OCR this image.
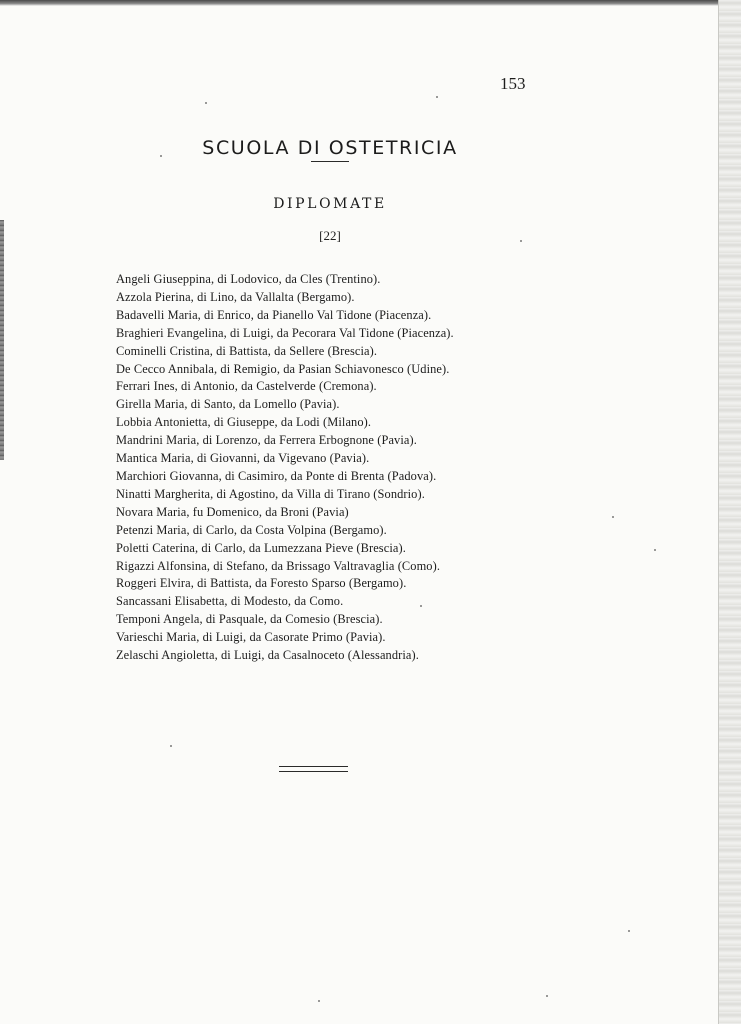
153
SCUOLA DI OSTETRICIA
DIPLOMATE
[22]
Angeli Giuseppina, di Lodovico, da Cles (Trentino).
Azzola Pierina, di Lino, da Vallalta (Bergamo).
Badavelli Maria, di Enrico, da Pianello Val Tidone (Piacenza).
Braghieri Evangelina, di Luigi, da Pecorara Val Tidone (Piacenza).
Cominelli Cristina, di Battista, da Sellere (Brescia).
De Cecco Annibala, di Remigio, da Pasian Schiavonesco (Udine).
Ferrari Ines, di Antonio, da Castelverde (Cremona).
Girella Maria, di Santo, da Lomello (Pavia).
Lobbia Antonietta, di Giuseppe, da Lodi (Milano).
Mandrini Maria, di Lorenzo, da Ferrera Erbognone (Pavia).
Mantica Maria, di Giovanni, da Vigevano (Pavia).
Marchiori Giovanna, di Casimiro, da Ponte di Brenta (Padova).
Ninatti Margherita, di Agostino, da Villa di Tirano (Sondrio).
Novara Maria, fu Domenico, da Broni (Pavia)
Petenzi Maria, di Carlo, da Costa Volpina (Bergamo).
Poletti Caterina, di Carlo, da Lumezzana Pieve (Brescia).
Rigazzi Alfonsina, di Stefano, da Brissago Valtravaglia (Como).
Roggeri Elvira, di Battista, da Foresto Sparso (Bergamo).
Sancassani Elisabetta, di Modesto, da Como.
Temponi Angela, di Pasquale, da Comesio (Brescia).
Varieschi Maria, di Luigi, da Casorate Primo (Pavia).
Zelaschi Angioletta, di Luigi, da Casalnoceto (Alessandria).
